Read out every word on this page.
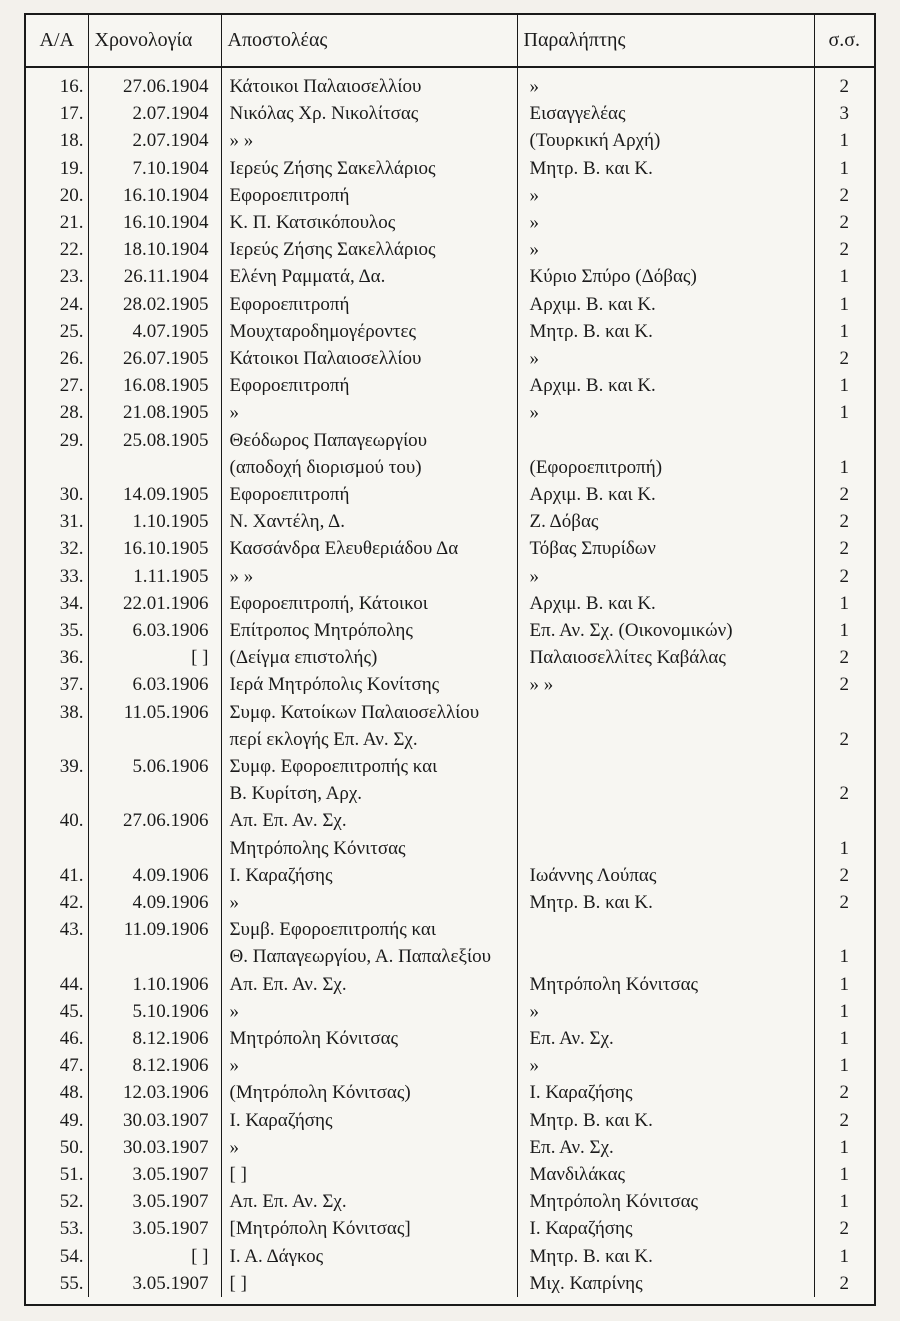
Α/Α	Χρονολογία	Αποστολέας	Παραλήπτης	σ.σ.
16.	27.06.1904	Κάτοικοι Παλαιοσελλίου	»	2

17.	2.07.1904	Νικόλας Χρ. Νικολίτσας	Εισαγγελέας	3

18.	2.07.1904	» »	(Τουρκική Αρχή)	1

19.	7.10.1904	Ιερεύς Ζήσης Σακελλάριος	Μητρ. Β. και Κ.	1

20.	16.10.1904	Εφοροεπιτροπή	»	2

21.	16.10.1904	Κ. Π. Κατσικόπουλος	»	2

22.	18.10.1904	Ιερεύς Ζήσης Σακελλάριος	»	2

23.	26.11.1904	Ελένη Ραμματά, Δα.	Κύριο Σπύρο (Δόβας)	1

24.	28.02.1905	Εφοροεπιτροπή	Αρχιμ. Β. και Κ.	1

25.	4.07.1905	Μουχταροδημογέροντες	Μητρ. Β. και Κ.	1

26.	26.07.1905	Κάτοικοι Παλαιοσελλίου	»	2

27.	16.08.1905	Εφοροεπιτροπή	Αρχιμ. Β. και Κ.	1

28.	21.08.1905	»	»	1

29.	25.08.1905	Θεόδωρος Παπαγεωργίου
(αποδοχή διορισμού του)	(Εφοροεπιτροπή)	1

30.	14.09.1905	Εφοροεπιτροπή	Αρχιμ. Β. και Κ.	2

31.	1.10.1905	Ν. Χαντέλη, Δ.	Ζ. Δόβας	2

32.	16.10.1905	Κασσάνδρα Ελευθεριάδου Δα	Τόβας Σπυρίδων	2

33.	1.11.1905	» »	»	2

34.	22.01.1906	Εφοροεπιτροπή, Κάτοικοι	Αρχιμ. Β. και Κ.	1

35.	6.03.1906	Επίτροπος Μητρόπολης	Επ. Αν. Σχ. (Οικονομικών)	1

36.	[ ]	(Δείγμα επιστολής)	Παλαιοσελλίτες Καβάλας	2

37.	6.03.1906	Ιερά Μητρόπολις Κονίτσης	» »	2

38.	11.05.1906	Συμφ. Κατοίκων Παλαιοσελλίου
περί εκλογής Επ. Αν. Σχ.		2

39.	5.06.1906	Συμφ. Εφοροεπιτροπής και
Β. Κυρίτση, Αρχ.		2

40.	27.06.1906	Απ. Επ. Αν. Σχ.
Μητρόπολης Κόνιτσας		1

41.	4.09.1906	Ι. Καραζήσης	Ιωάννης Λούπας	2

42.	4.09.1906	»	Μητρ. Β. και Κ.	2

43.	11.09.1906	Συμβ. Εφοροεπιτροπής και
Θ. Παπαγεωργίου, Α. Παπαλεξίου		1

44.	1.10.1906	Απ. Επ. Αν. Σχ.	Μητρόπολη Κόνιτσας	1

45.	5.10.1906	»	»	1

46.	8.12.1906	Μητρόπολη Κόνιτσας	Επ. Αν. Σχ.	1

47.	8.12.1906	»	»	1

48.	12.03.1906	(Μητρόπολη Κόνιτσας)	Ι. Καραζήσης	2

49.	30.03.1907	Ι. Καραζήσης	Μητρ. Β. και Κ.	2

50.	30.03.1907	»	Επ. Αν. Σχ.	1

51.	3.05.1907	[ ]	Μανδιλάκας	1

52.	3.05.1907	Απ. Επ. Αν. Σχ.	Μητρόπολη Κόνιτσας	1

53.	3.05.1907	[Μητρόπολη Κόνιτσας]	Ι. Καραζήσης	2

54.	[ ]	Ι. Α. Δάγκος	Μητρ. Β. και Κ.	1

55.	3.05.1907	[ ]	Μιχ. Καπρίνης	2
